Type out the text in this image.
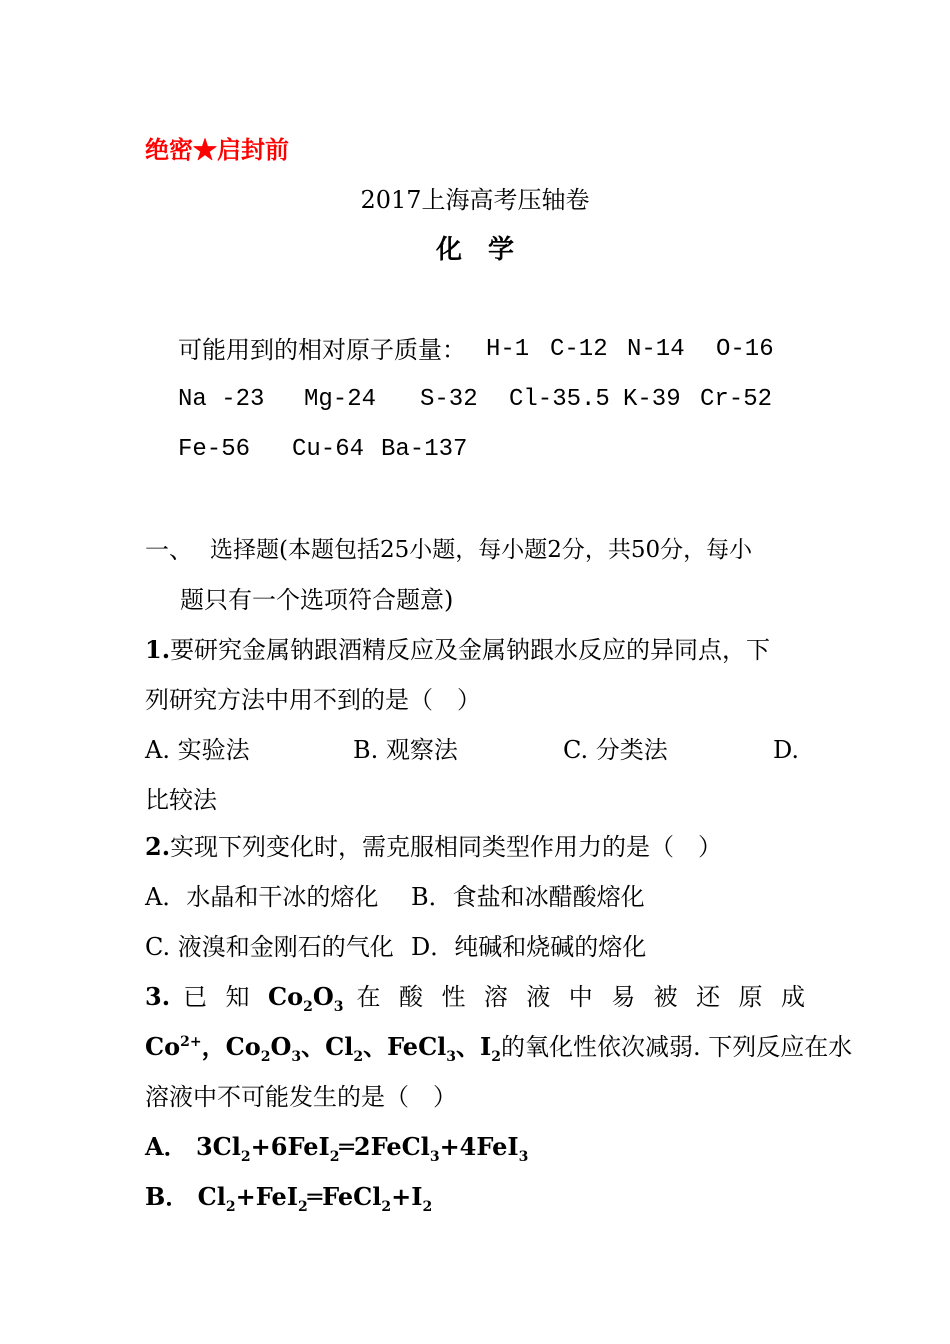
绝密★启封前
2017上海高考压轴卷
化　学
可能用到的相对原子质量： H-1 C-12 N-14 O-16
Na -23 Mg-24 S-32 Cl-35.5 K-39 Cr-52
Fe-56 Cu-64 Ba-137
一、 选择题(本题包括25小题，每小题2分，共50分，每小
题只有一个选项符合题意)
1.要研究金属钠跟酒精反应及金属钠跟水反应的异同点，下
列研究方法中用不到的是（　）
A. 实验法	B. 观察法	C. 分类法	D.
比较法
2.实现下列变化时，需克服相同类型作用力的是（　）
A．水晶和干冰的熔化 B．食盐和冰醋酸熔化
C. 液溴和金刚石的气化 D．纯碱和烧碱的熔化
3. 已 知 $Co_2O_3$ 在 酸 性 溶 液 中 易 被 还 原 成
$Co^{2+}$，$Co_2O_3$、$Cl_2$、FeCl$_3$、$I_2$的氧化性依次减弱. 下列反应在水
溶液中不可能发生的是（　）
A． $3Cl_2+6FeI_2═2FeCl_3+4FeI_3$
B． $Cl_2+FeI_2═FeCl_2+I_2$
